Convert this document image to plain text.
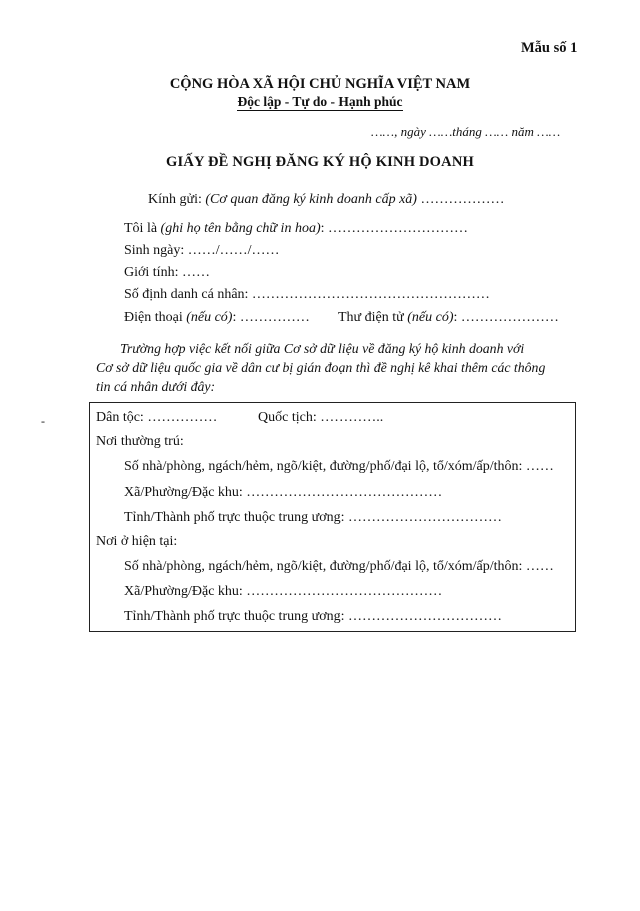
Mẫu số 1
CỘNG HÒA XÃ HỘI CHỦ NGHĨA VIỆT NAM
Độc lập - Tự do - Hạnh phúc
……, ngày ……tháng …… năm ……
GIẤY ĐỀ NGHỊ ĐĂNG KÝ HỘ KINH DOANH
Kính gửi: (Cơ quan đăng ký kinh doanh cấp xã) ………………
Tôi là (ghi họ tên bằng chữ in hoa): …………………………
Sinh ngày: ……/……/……
Giới tính: ……
Số định danh cá nhân: ……………………………………………
Điện thoại (nếu có): …………… Thư điện tử (nếu có): …………………
Trường hợp việc kết nối giữa Cơ sở dữ liệu về đăng ký hộ kinh doanh với
Cơ sở dữ liệu quốc gia về dân cư bị gián đoạn thì đề nghị kê khai thêm các thông
tin cá nhân dưới đây:
-	Dân tộc: ……………	Quốc tịch: …………..
Nơi thường trú:
Số nhà/phòng, ngách/hẻm, ngõ/kiệt, đường/phố/đại lộ, tổ/xóm/ấp/thôn: ……
Xã/Phường/Đặc khu: ……………………………………
Tỉnh/Thành phố trực thuộc trung ương: ……………………………
Nơi ở hiện tại:
Số nhà/phòng, ngách/hẻm, ngõ/kiệt, đường/phố/đại lộ, tổ/xóm/ấp/thôn: ……
Xã/Phường/Đặc khu: ……………………………………
Tỉnh/Thành phố trực thuộc trung ương: ……………………………
